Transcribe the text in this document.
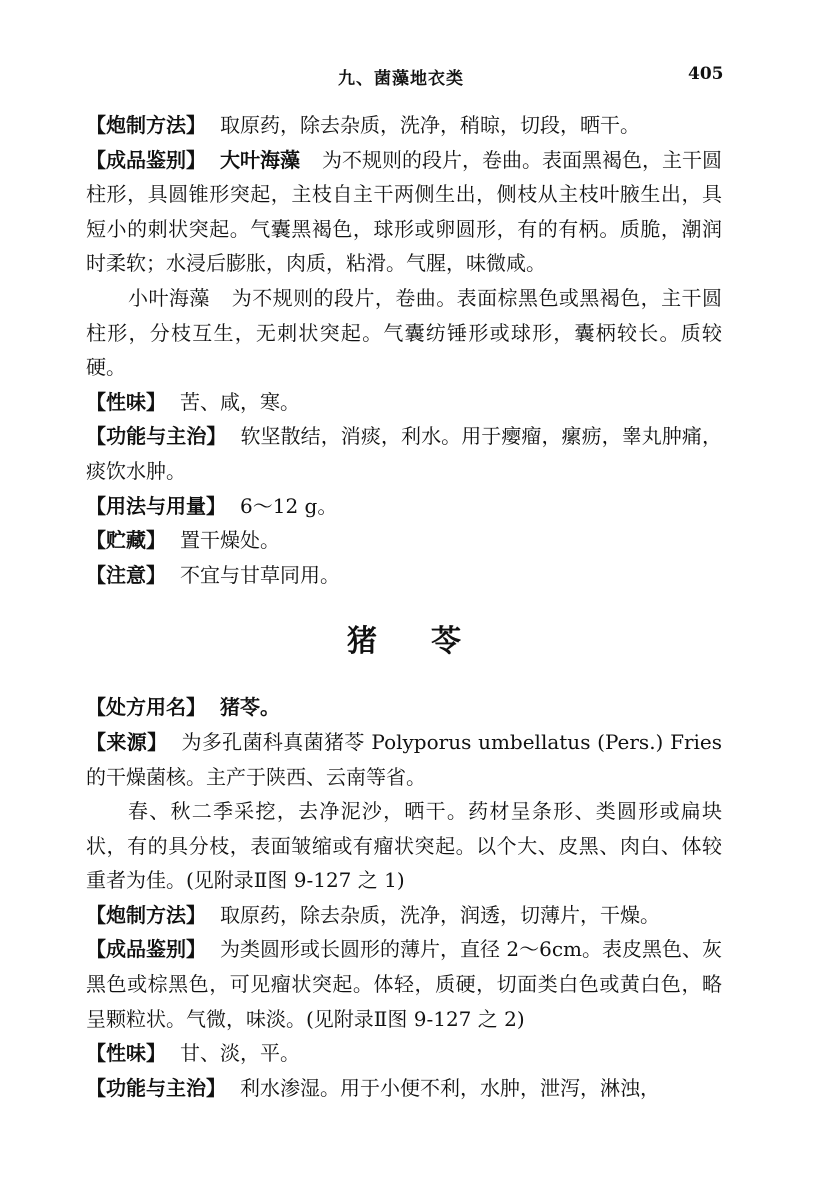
九、菌藻地衣类	405

【炮制方法】 取原药，除去杂质，洗净，稍晾，切段，晒干。

【成品鉴别】 大叶海藻 为不规则的段片，卷曲。表面黑褐色，主干圆柱形，具圆锥形突起，主枝自主干两侧生出，侧枝从主枝叶腋生出，具短小的刺状突起。气囊黑褐色，球形或卵圆形，有的有柄。质脆，潮润时柔软；水浸后膨胀，肉质，粘滑。气腥，味微咸。

小叶海藻 为不规则的段片，卷曲。表面棕黑色或黑褐色，主干圆柱形，分枝互生，无刺状突起。气囊纺锤形或球形，囊柄较长。质较硬。

【性味】 苦、咸，寒。

【功能与主治】 软坚散结，消痰，利水。用于瘿瘤，瘰疬，睾丸肿痛，痰饮水肿。

【用法与用量】 6～12 g。

【贮藏】 置干燥处。

【注意】 不宜与甘草同用。

猪苓

【处方用名】 猪苓。

【来源】 为多孔菌科真菌猪苓 Polyporus umbellatus (Pers.) Fries 的干燥菌核。主产于陕西、云南等省。

春、秋二季采挖，去净泥沙，晒干。药材呈条形、类圆形或扁块状，有的具分枝，表面皱缩或有瘤状突起。以个大、皮黑、肉白、体较重者为佳。(见附录Ⅱ图 9-127 之 1)

【炮制方法】 取原药，除去杂质，洗净，润透，切薄片，干燥。

【成品鉴别】 为类圆形或长圆形的薄片，直径 2～6cm。表皮黑色、灰黑色或棕黑色，可见瘤状突起。体轻，质硬，切面类白色或黄白色，略呈颗粒状。气微，味淡。(见附录Ⅱ图 9-127 之 2)

【性味】 甘、淡，平。

【功能与主治】 利水渗湿。用于小便不利，水肿，泄泻，淋浊，
